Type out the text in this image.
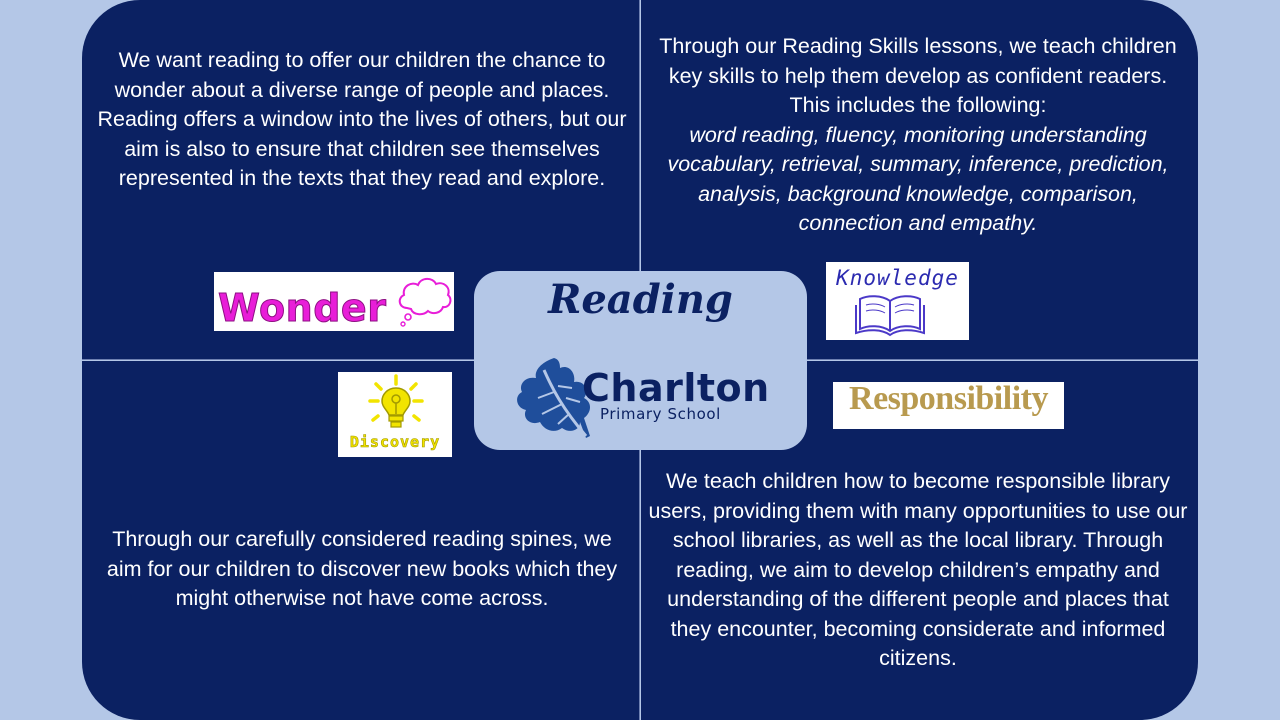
We want reading to offer our children the chance to wonder about a diverse range of people and places. Reading offers a window into the lives of others, but our aim is also to ensure that children see themselves represented in the texts that they read and explore.

Through our Reading Skills lessons, we teach children key skills to help them develop as confident readers. This includes the following:
word reading, fluency, monitoring understanding vocabulary, retrieval, summary, inference, prediction, analysis, background knowledge, comparison, connection and empathy.

Through our carefully considered reading spines, we aim for our children to discover new books which they might otherwise not have come across.

We teach children how to become responsible library users, providing them with many opportunities to use our school libraries, as well as the local library. Through reading, we aim to develop children’s empathy and understanding of the different people and places that they encounter, becoming considerate and informed citizens.

Reading
Charlton
Primary School
Wonder
Knowledge
Discovery
Responsibility
